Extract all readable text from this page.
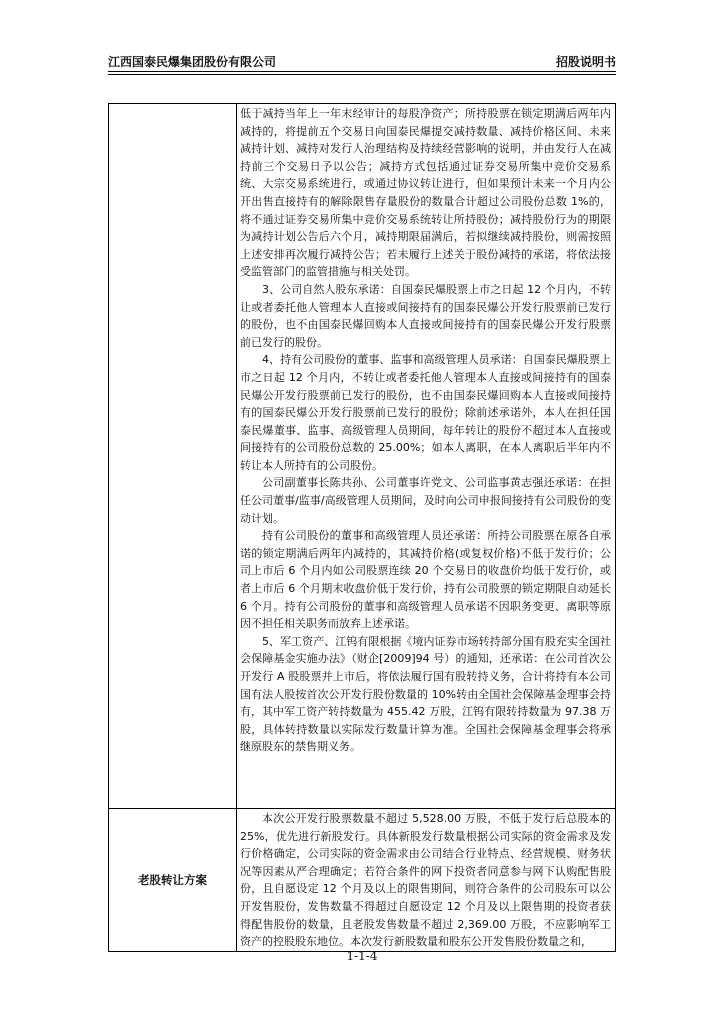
江西国泰民爆集团股份有限公司	招股说明书

低于减持当年上一年末经审计的每股净资产；所持股票在锁定期满后两年内减持的，将提前五个交易日向国泰民爆提交减持数量、减持价格区间、未来减持计划、减持对发行人治理结构及持续经营影响的说明，并由发行人在减持前三个交易日予以公告；减持方式包括通过证券交易所集中竞价交易系统、大宗交易系统进行，或通过协议转让进行，但如果预计未来一个月内公开出售直接持有的解除限售存量股份的数量合计超过公司股份总数 1%的，将不通过证券交易所集中竞价交易系统转让所持股份；减持股份行为的期限为减持计划公告后六个月，减持期限届满后，若拟继续减持股份，则需按照上述安排再次履行减持公告；若未履行上述关于股份减持的承诺，将依法接受监管部门的监管措施与相关处罚。

3、公司自然人股东承诺：自国泰民爆股票上市之日起 12 个月内，不转让或者委托他人管理本人直接或间接持有的国泰民爆公开发行股票前已发行的股份，也不由国泰民爆回购本人直接或间接持有的国泰民爆公开发行股票前已发行的股份。

4、持有公司股份的董事、监事和高级管理人员承诺：自国泰民爆股票上市之日起 12 个月内，不转让或者委托他人管理本人直接或间接持有的国泰民爆公开发行股票前已发行的股份，也不由国泰民爆回购本人直接或间接持有的国泰民爆公开发行股票前已发行的股份；除前述承诺外，本人在担任国泰民爆董事、监事、高级管理人员期间，每年转让的股份不超过本人直接或间接持有的公司股份总数的 25.00%；如本人离职，在本人离职后半年内不转让本人所持有的公司股份。

公司副董事长陈共孙、公司董事许党文、公司监事黄志强还承诺：在担任公司董事/监事/高级管理人员期间，及时向公司申报间接持有公司股份的变动计划。

持有公司股份的董事和高级管理人员还承诺：所持公司股票在原各自承诺的锁定期满后两年内减持的，其减持价格(或复权价格)不低于发行价；公司上市后 6 个月内如公司股票连续 20 个交易日的收盘价均低于发行价，或者上市后 6 个月期末收盘价低于发行价，持有公司股票的锁定期限自动延长 6 个月。持有公司股份的董事和高级管理人员承诺不因职务变更、离职等原因不担任相关职务而放弃上述承诺。

5、军工资产、江钨有限根据《境内证券市场转持部分国有股充实全国社会保障基金实施办法》（财企[2009]94 号）的通知，还承诺：在公司首次公开发行 A 股股票并上市后，将依法履行国有股转持义务，合计将持有本公司国有法人股按首次公开发行股份数量的 10%转由全国社会保障基金理事会持有，其中军工资产转持数量为 455.42 万股，江钨有限转持数量为 97.38 万股，具体转持数量以实际发行数量计算为准。全国社会保障基金理事会将承继原股东的禁售期义务。

老股转让方案

本次公开发行股票数量不超过 5,528.00 万股，不低于发行后总股本的 25%，优先进行新股发行。具体新股发行数量根据公司实际的资金需求及发行价格确定，公司实际的资金需求由公司结合行业特点、经营规模、财务状况等因素从严合理确定；若符合条件的网下投资者同意参与网下认购配售股份，且自愿设定 12 个月及以上的限售期间，则符合条件的公司股东可以公开发售股份，发售数量不得超过自愿设定 12 个月及以上限售期的投资者获得配售股份的数量，且老股发售数量不超过 2,369.00 万股，不应影响军工资产的控股股东地位。本次发行新股数量和股东公开发售股份数量之和，

1-1-4
